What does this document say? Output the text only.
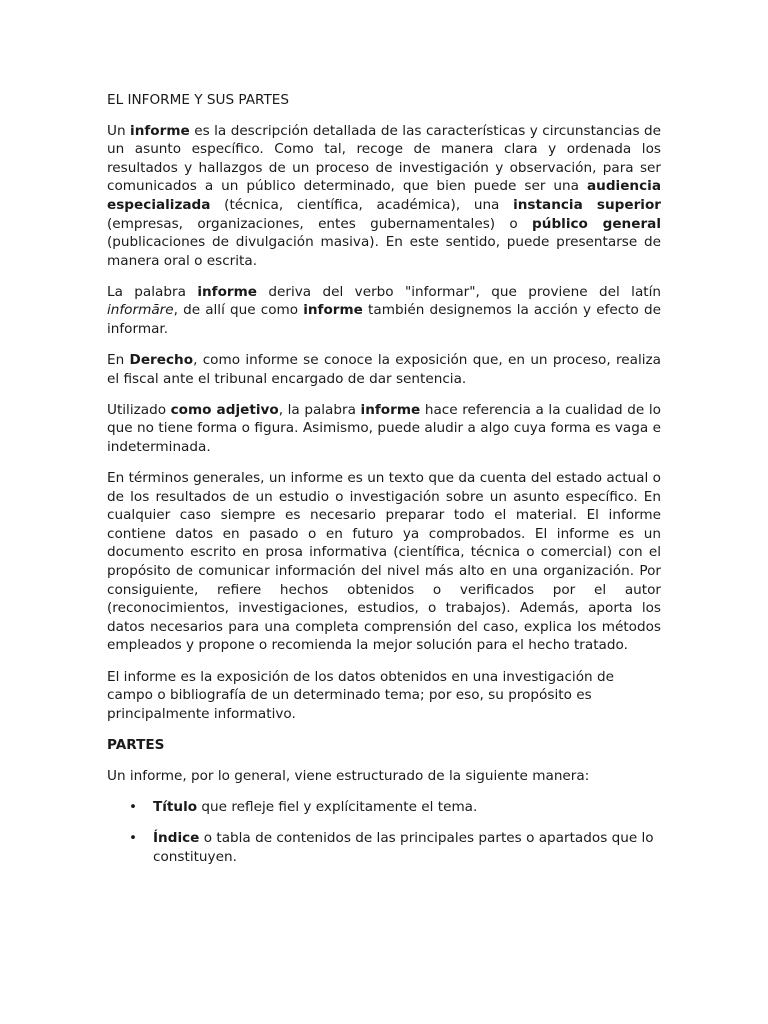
EL INFORME Y SUS PARTES

Un informe es la descripción detallada de las características y circunstancias de un asunto específico. Como tal, recoge de manera clara y ordenada los resultados y hallazgos de un proceso de investigación y observación, para ser comunicados a un público determinado, que bien puede ser una audiencia especializada (técnica, científica, académica), una instancia superior (empresas, organizaciones, entes gubernamentales) o público general (publicaciones de divulgación masiva). En este sentido, puede presentarse de manera oral o escrita.

La palabra informe deriva del verbo "informar", que proviene del latín informāre, de allí que como informe también designemos la acción y efecto de informar.

En Derecho, como informe se conoce la exposición que, en un proceso, realiza el fiscal ante el tribunal encargado de dar sentencia.

Utilizado como adjetivo, la palabra informe hace referencia a la cualidad de lo que no tiene forma o figura. Asimismo, puede aludir a algo cuya forma es vaga e indeterminada.

En términos generales, un informe es un texto que da cuenta del estado actual o de los resultados de un estudio o investigación sobre un asunto específico. En cualquier caso siempre es necesario preparar todo el material. El informe contiene datos en pasado o en futuro ya comprobados. El informe es un documento escrito en prosa informativa (científica, técnica o comercial) con el propósito de comunicar información del nivel más alto en una organización. Por consiguiente, refiere hechos obtenidos o verificados por el autor (reconocimientos, investigaciones, estudios, o trabajos). Además, aporta los datos necesarios para una completa comprensión del caso, explica los métodos empleados y propone o recomienda la mejor solución para el hecho tratado.

El informe es la exposición de los datos obtenidos en una investigación de campo o bibliografía de un determinado tema; por eso, su propósito es principalmente informativo.

PARTES

Un informe, por lo general, viene estructurado de la siguiente manera:

• Título que refleje fiel y explícitamente el tema.
• Índice o tabla de contenidos de las principales partes o apartados que lo constituyen.
